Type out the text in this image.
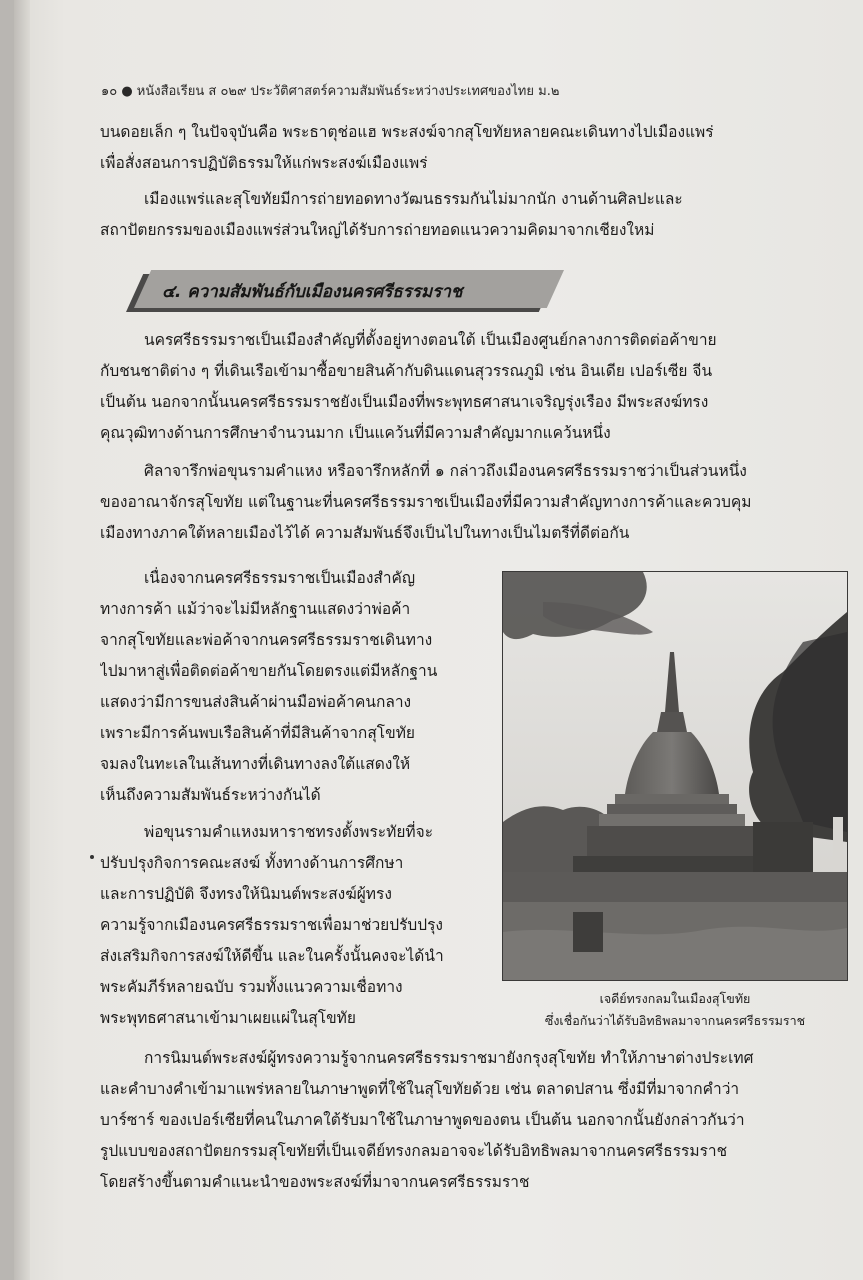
๑๐ ● หนังสือเรียน ส ๐๒๙ ประวัติศาสตร์ความสัมพันธ์ระหว่างประเทศของไทย ม.๒
บนดอยเล็ก ๆ ในปัจจุบันคือ พระธาตุช่อแฮ พระสงฆ์จากสุโขทัยหลายคณะเดินทางไปเมืองแพร่
เพื่อสั่งสอนการปฏิบัติธรรมให้แก่พระสงฆ์เมืองแพร่
เมืองแพร่และสุโขทัยมีการถ่ายทอดทางวัฒนธรรมกันไม่มากนัก งานด้านศิลปะและ
สถาปัตยกรรมของเมืองแพร่ส่วนใหญ่ได้รับการถ่ายทอดแนวความคิดมาจากเชียงใหม่
๔. ความสัมพันธ์กับเมืองนครศรีธรรมราช
นครศรีธรรมราชเป็นเมืองสำคัญที่ตั้งอยู่ทางตอนใต้ เป็นเมืองศูนย์กลางการติดต่อค้าขาย
กับชนชาติต่าง ๆ ที่เดินเรือเข้ามาซื้อขายสินค้ากับดินแดนสุวรรณภูมิ เช่น อินเดีย เปอร์เซีย จีน
เป็นต้น นอกจากนั้นนครศรีธรรมราชยังเป็นเมืองที่พระพุทธศาสนาเจริญรุ่งเรือง มีพระสงฆ์ทรง
คุณวุฒิทางด้านการศึกษาจำนวนมาก เป็นแคว้นที่มีความสำคัญมากแคว้นหนึ่ง
ศิลาจารึกพ่อขุนรามคำแหง หรือจารึกหลักที่ ๑ กล่าวถึงเมืองนครศรีธรรมราชว่าเป็นส่วนหนึ่ง
ของอาณาจักรสุโขทัย แต่ในฐานะที่นครศรีธรรมราชเป็นเมืองที่มีความสำคัญทางการค้าและควบคุม
เมืองทางภาคใต้หลายเมืองไว้ได้ ความสัมพันธ์จึงเป็นไปในทางเป็นไมตรีที่ดีต่อกัน
เนื่องจากนครศรีธรรมราชเป็นเมืองสำคัญ
ทางการค้า แม้ว่าจะไม่มีหลักฐานแสดงว่าพ่อค้า
จากสุโขทัยและพ่อค้าจากนครศรีธรรมราชเดินทาง
ไปมาหาสู่เพื่อติดต่อค้าขายกันโดยตรงแต่มีหลักฐาน
แสดงว่ามีการขนส่งสินค้าผ่านมือพ่อค้าคนกลาง
เพราะมีการค้นพบเรือสินค้าที่มีสินค้าจากสุโขทัย
จมลงในทะเลในเส้นทางที่เดินทางลงใต้แสดงให้
เห็นถึงความสัมพันธ์ระหว่างกันได้
พ่อขุนรามคำแหงมหาราชทรงตั้งพระทัยที่จะ
ปรับปรุงกิจการคณะสงฆ์ ทั้งทางด้านการศึกษา
และการปฏิบัติ จึงทรงให้นิมนต์พระสงฆ์ผู้ทรง
ความรู้จากเมืองนครศรีธรรมราชเพื่อมาช่วยปรับปรุง
ส่งเสริมกิจการสงฆ์ให้ดีขึ้น และในครั้งนั้นคงจะได้นำ
พระคัมภีร์หลายฉบับ รวมทั้งแนวความเชื่อทาง
พระพุทธศาสนาเข้ามาเผยแผ่ในสุโขทัย
เจดีย์ทรงกลมในเมืองสุโขทัย
ซึ่งเชื่อกันว่าได้รับอิทธิพลมาจากนครศรีธรรมราช
การนิมนต์พระสงฆ์ผู้ทรงความรู้จากนครศรีธรรมราชมายังกรุงสุโขทัย ทำให้ภาษาต่างประเทศ
และคำบางคำเข้ามาแพร่หลายในภาษาพูดที่ใช้ในสุโขทัยด้วย เช่น ตลาดปสาน ซึ่งมีที่มาจากคำว่า
บาร์ซาร์ ของเปอร์เซียที่คนในภาคใต้รับมาใช้ในภาษาพูดของตน เป็นต้น นอกจากนั้นยังกล่าวกันว่า
รูปแบบของสถาปัตยกรรมสุโขทัยที่เป็นเจดีย์ทรงกลมอาจจะได้รับอิทธิพลมาจากนครศรีธรรมราช
โดยสร้างขึ้นตามคำแนะนำของพระสงฆ์ที่มาจากนครศรีธรรมราช
